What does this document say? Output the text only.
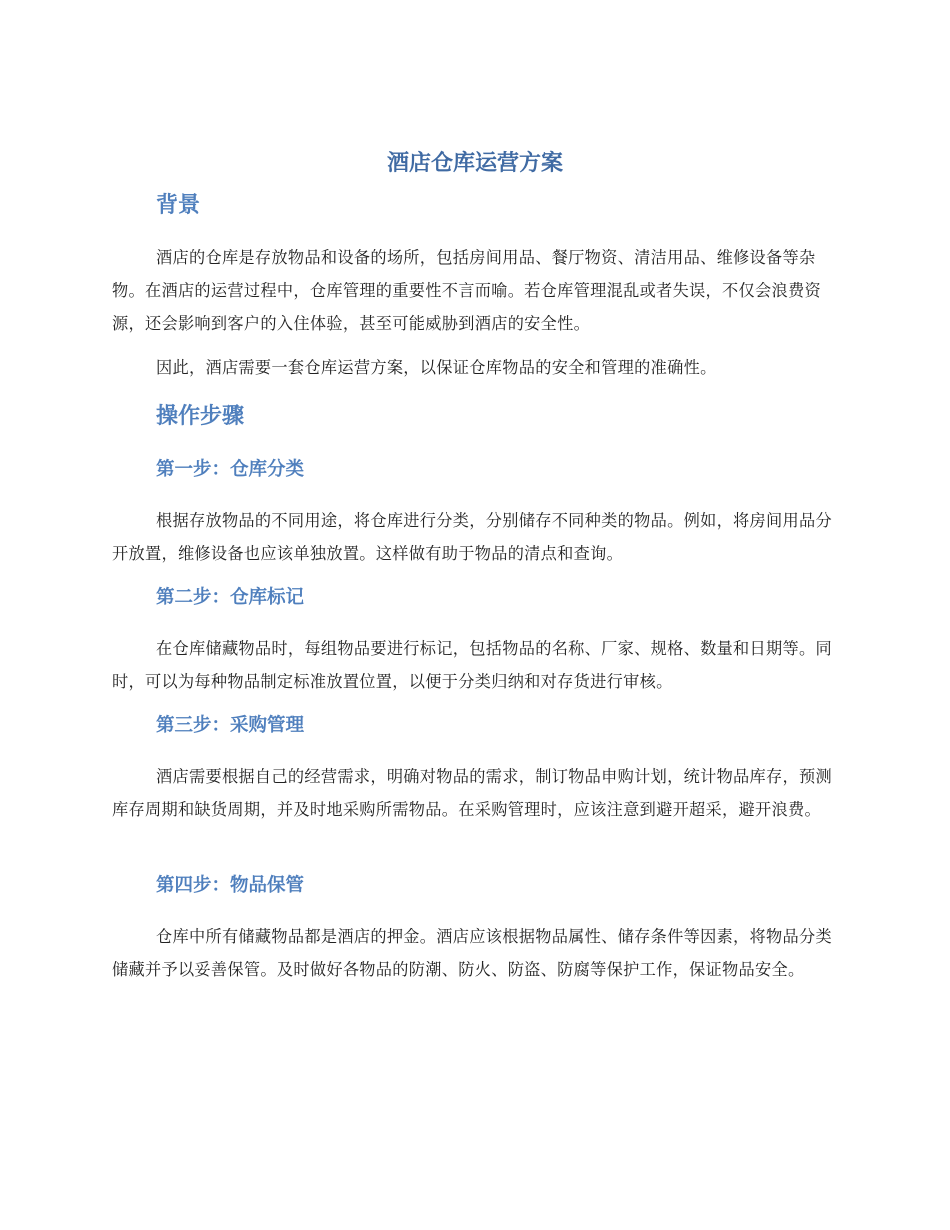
酒店仓库运营方案
背景

酒店的仓库是存放物品和设备的场所，包括房间用品、餐厅物资、清洁用品、维修设备等杂物。在酒店的运营过程中，仓库管理的重要性不言而喻。若仓库管理混乱或者失误，不仅会浪费资源，还会影响到客户的入住体验，甚至可能威胁到酒店的安全性。

因此，酒店需要一套仓库运营方案，以保证仓库物品的安全和管理的准确性。

操作步骤
第一步：仓库分类

根据存放物品的不同用途，将仓库进行分类，分别储存不同种类的物品。例如，将房间用品分开放置，维修设备也应该单独放置。这样做有助于物品的清点和查询。

第二步：仓库标记

在仓库储藏物品时，每组物品要进行标记，包括物品的名称、厂家、规格、数量和日期等。同时，可以为每种物品制定标准放置位置，以便于分类归纳和对存货进行审核。

第三步：采购管理

酒店需要根据自己的经营需求，明确对物品的需求，制订物品申购计划，统计物品库存，预测库存周期和缺货周期，并及时地采购所需物品。在采购管理时，应该注意到避开超采，避开浪费。

第四步：物品保管

仓库中所有储藏物品都是酒店的押金。酒店应该根据物品属性、储存条件等因素，将物品分类储藏并予以妥善保管。及时做好各物品的防潮、防火、防盗、防腐等保护工作，保证物品安全。
